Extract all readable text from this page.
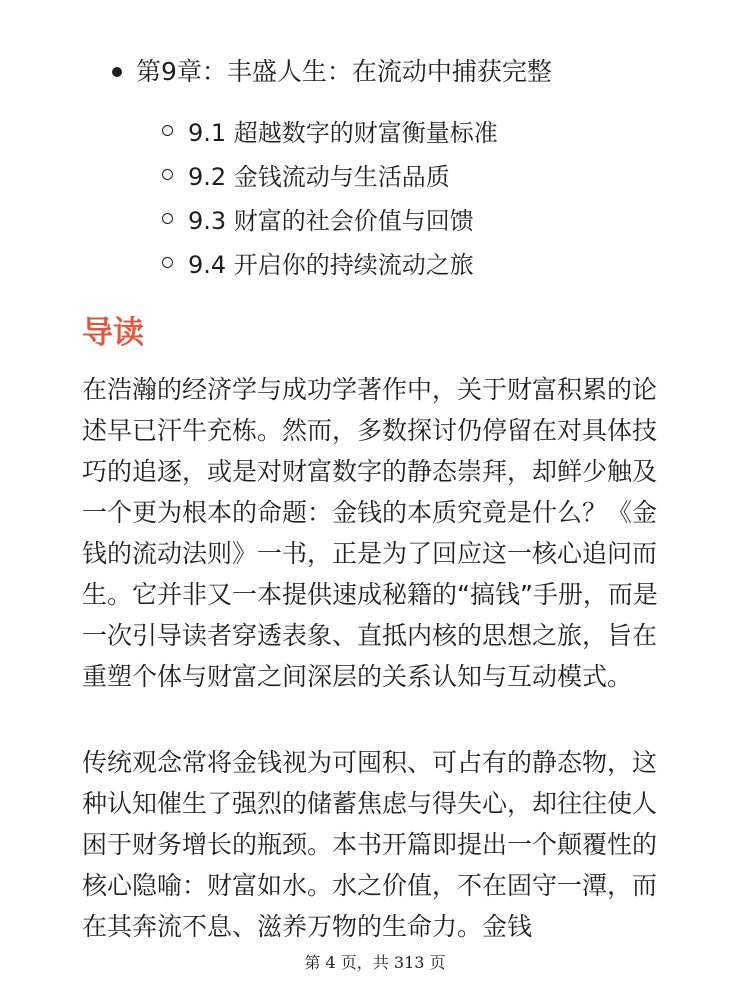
第9章：丰盛人生：在流动中捕获完整
9.1 超越数字的财富衡量标准
9.2 金钱流动与生活品质
9.3 财富的社会价值与回馈
9.4 开启你的持续流动之旅
导读

在浩瀚的经济学与成功学著作中，关于财富积累的论述早已汗牛充栋。然而，多数探讨仍停留在对具体技巧的追逐，或是对财富数字的静态崇拜，却鲜少触及一个更为根本的命题：金钱的本质究竟是什么？《金钱的流动法则》一书，正是为了回应这一核心追问而生。它并非又一本提供速成秘籍的“搞钱”手册，而是一次引导读者穿透表象、直抵内核的思想之旅，旨在重塑个体与财富之间深层的关系认知与互动模式。

传统观念常将金钱视为可囤积、可占有的静态物，这种认知催生了强烈的储蓄焦虑与得失心，却往往使人困于财务增长的瓶颈。本书开篇即提出一个颠覆性的核心隐喻：财富如水。水之价值，不在固守一潭，而在其奔流不息、滋养万物的生命力。金钱

第 4 页，共 313 页
